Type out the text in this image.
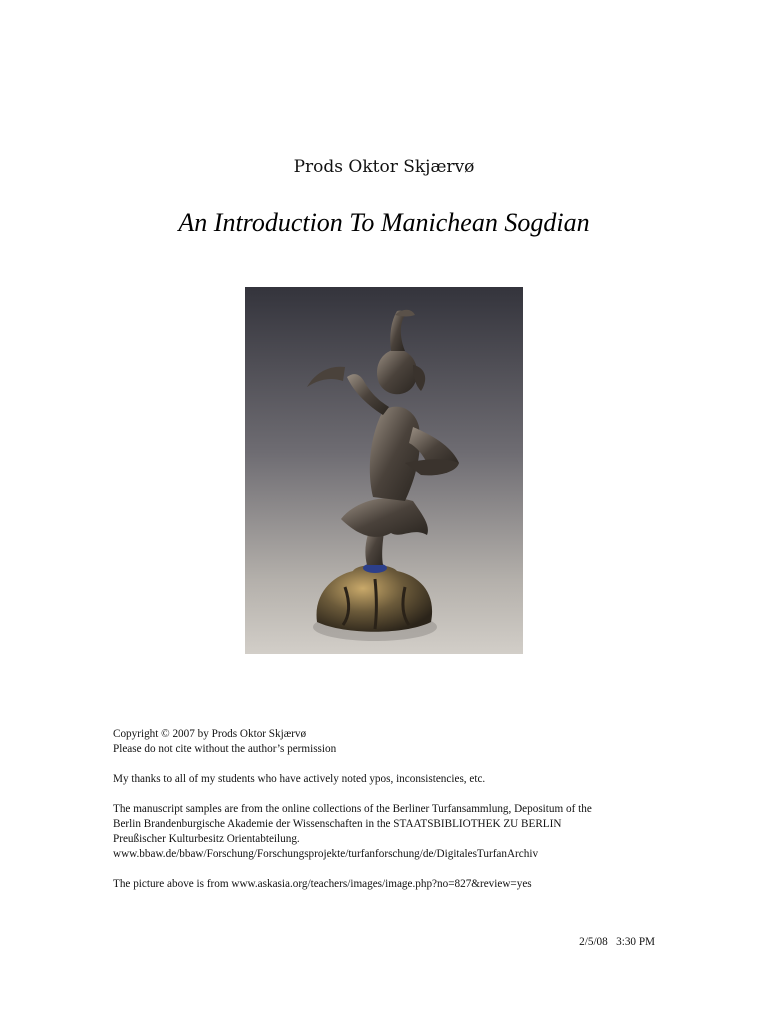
Prods Oktor Skjærvø
An Introduction To Manichean Sogdian

Copyright © 2007 by Prods Oktor Skjærvø
Please do not cite without the author’s permission

My thanks to all of my students who have actively noted ypos, inconsistencies, etc.

The manuscript samples are from the online collections of the Berliner Turfansammlung, Depositum of the
Berlin Brandenburgische Akademie der Wissenschaften in the STAATSBIBLIOTHEK ZU BERLIN
Preußischer Kulturbesitz Orientabteilung.
www.bbaw.de/bbaw/Forschung/Forschungsprojekte/turfanforschung/de/DigitalesTurfanArchiv

The picture above is from www.askasia.org/teachers/images/image.php?no=827&review=yes

2/5/08   3:30 PM
